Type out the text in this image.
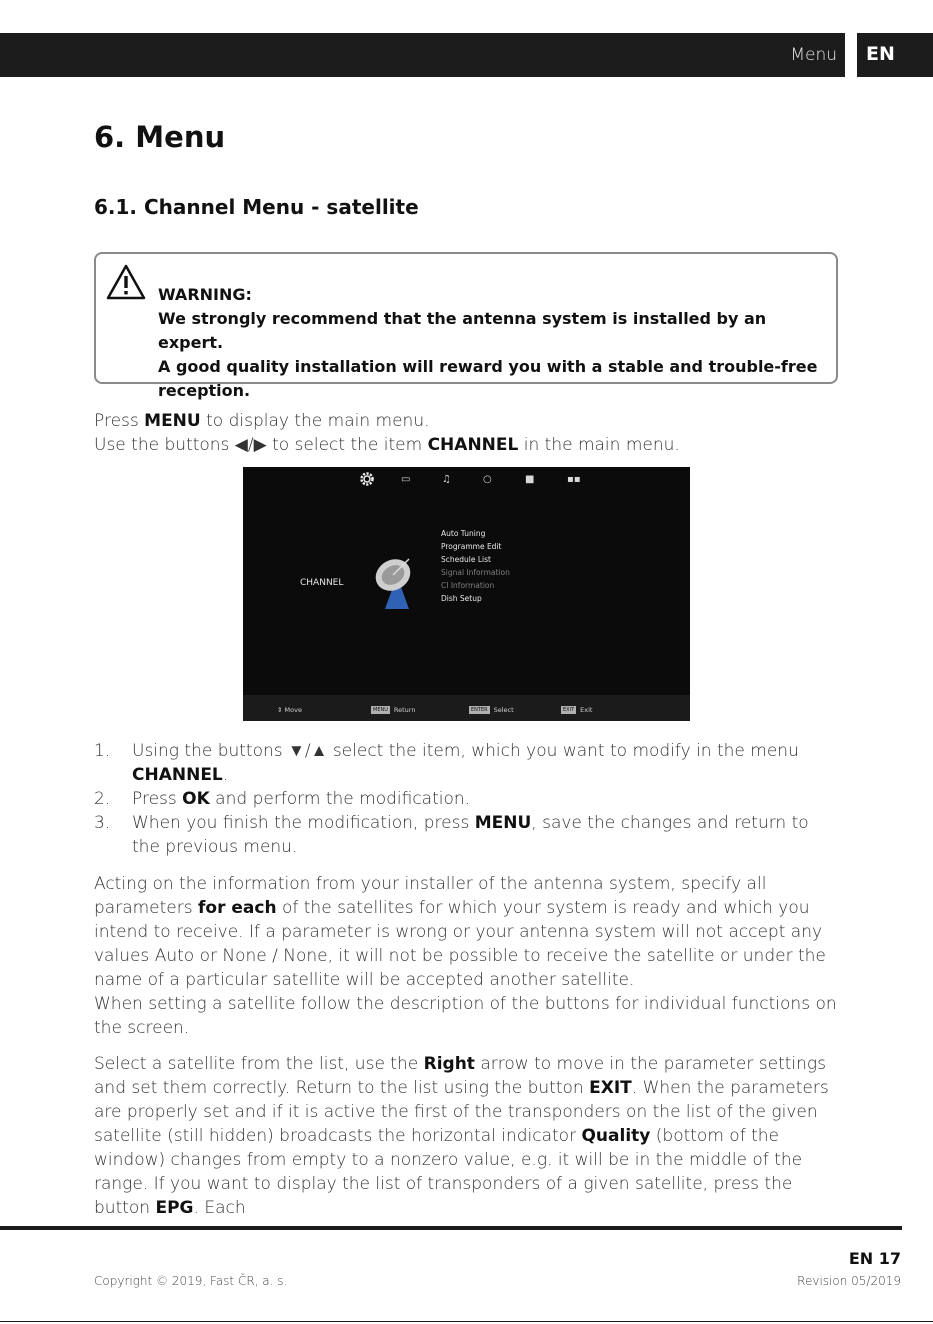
Menu	EN
6. Menu
6.1. Channel Menu - satellite
WARNING:
We strongly recommend that the antenna system is installed by an expert.
A good quality installation will reward you with a stable and trouble-free
reception.
Press MENU to display the main menu.
Use the buttons ◀/▶ to select the item CHANNEL in the main menu.
▭	♫	○	■	▪▪
CHANNEL
Auto Tuning
Programme Edit
Schedule List
Signal Information
CI Information
Dish Setup
⇕ Move	MENU Return	ENTER Select	EXIT Exit
1. Using the buttons ▼/▲ select the item, which you want to modify in the menu CHANNEL.
2. Press OK and perform the modification.
3. When you finish the modification, press MENU, save the changes and return to the previous menu.
Acting on the information from your installer of the antenna system, specify all parameters for each of the satellites for which your system is ready and which you intend to receive. If a parameter is wrong or your antenna system will not accept any values Auto or None / None, it will not be possible to receive the satellite or under the name of a particular satellite will be accepted another satellite.
When setting a satellite follow the description of the buttons for individual functions on the screen.
Select a satellite from the list, use the Right arrow to move in the parameter settings and set them correctly. Return to the list using the button EXIT. When the parameters are properly set and if it is active the first of the transponders on the list of the given satellite (still hidden) broadcasts the horizontal indicator Quality (bottom of the window) changes from empty to a nonzero value, e.g. it will be in the middle of the range. If you want to display the list of transponders of a given satellite, press the button EPG. Each
EN 17
Copyright © 2019, Fast ČR, a. s.	Revision 05/2019
